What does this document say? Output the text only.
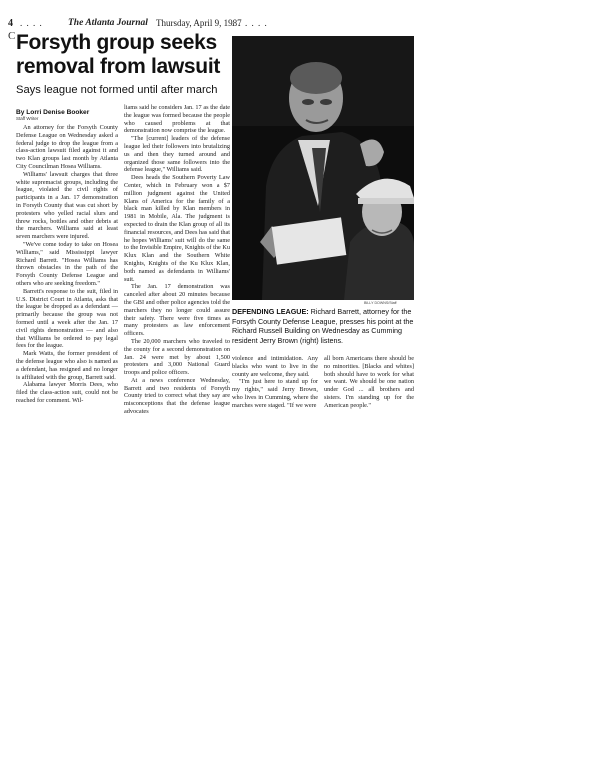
4 . . . .	The Atlanta Journal Thursday, April 9, 1987
. . . . . .
C Forsyth group seeks removal from lawsuit

Says league not formed until after march

By Lorri Denise Booker
Staff Writer

An attorney for the Forsyth County Defense League on Wednesday asked a federal judge to drop the league from a class-action lawsuit filed against it and two Klan groups last month by Atlanta City Councilman Hosea Williams.

Williams' lawsuit charges that three white supremacist groups, including the league, violated the civil rights of participants in a Jan. 17 demonstration in Forsyth County that was cut short by protesters who yelled racial slurs and threw rocks, bottles and other debris at the marchers. Williams said at least seven marchers were injured.

"We've come today to take on Hosea Williams," said Mississippi lawyer Richard Barrett. "Hosea Williams has thrown obstacles in the path of the Forsyth County Defense League and others who are seeking freedom."

Barrett's response to the suit, filed in U.S. District Court in Atlanta, asks that the league be dropped as a defendant — primarily because the group was not formed until a week after the Jan. 17 civil rights demonstration — and also that Williams be ordered to pay legal fees for the league.

Mark Watts, the former president of the defense league who also is named as a defendant, has resigned and no longer is affiliated with the group, Barrett said.

Alabama lawyer Morris Dees, who filed the class-action suit, could not be reached for comment. Wil-

liams said he considers Jan. 17 as the date the league was formed because the people who caused problems at that demonstration now comprise the league.

"The [current] leaders of the defense league led their followers into brutalizing us and then they turned around and organized those same followers into the defense league," Williams said.

Dees heads the Southern Poverty Law Center, which in February won a $7 million judgment against the United Klans of America for the family of a black man killed by Klan members in 1981 in Mobile, Ala. The judgment is expected to drain the Klan group of all its financial resources, and Dees has said that he hopes Williams' suit will do the same to the Invisible Empire, Knights of the Ku Klux Klan and the Southern White Knights, Knights of the Ku Klux Klan, both named as defendants in Williams' suit.

The Jan. 17 demonstration was canceled after about 20 minutes because the GBI and other police agencies told the marchers they no longer could assure their safety. There were five times as many protesters as law enforcement officers.

The 20,000 marchers who traveled to the county for a second demonstration on Jan. 24 were met by about 1,500 protesters and 3,000 National Guard troops and police officers.

At a news conference Wednesday, Barrett and two residents of Forsyth County tried to correct what they say are misconceptions that the defense league advocates

BILLY DOWNS/Staff

DEFENDING LEAGUE: Richard Barrett, attorney for the Forsyth County Defense League, presses his point at the Richard Russell Building on Wednesday as Cumming resident Jerry Brown (right) listens.

violence and intimidation. Any blacks who want to live in the county are welcome, they said.

"I'm just here to stand up for my rights," said Jerry Brown, who lives in Cumming, where the marches were staged. "If we were

all born Americans there should be no minorities. [Blacks and whites] both should have to work for what we want. We should be one nation under God ... all brothers and sisters. I'm standing up for the American people."
